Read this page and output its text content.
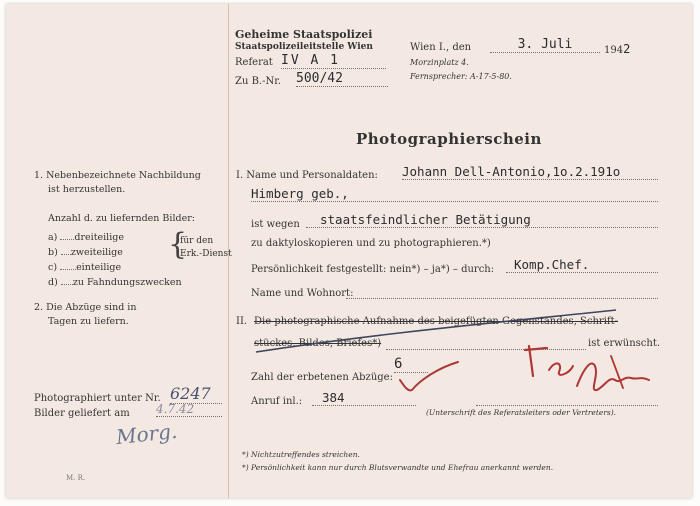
Geheime Staatspolizei
Staatspolizeileitstelle Wien
Referat IV A 1
Zu B.-Nr. 500/42
Wien I., den	3. Juli	1942
Morzinplatz 4.
Fernsprecher: A-17-5-80.
Photographierschein
1. Nebenbezeichnete Nachbildung
ist herzustellen.
Anzahl d. zu liefernden Bilder:
a) dreiteilige
b) zweiteilige
c) einteilige
d) zu Fahndungszwecken
{
für den
Erk.-Dienst
2. Die Abzüge sind in
Tagen zu liefern.
Photographiert unter Nr. 6247
Bilder geliefert am 4.7.42
Morg.
M. R.
I. Name und Personaldaten: Johann Dell-Antonio,1o.2.191o
Himberg geb.,
ist wegen	staatsfeindlicher Betätigung
zu daktyloskopieren und zu photographieren.*)
Persönlichkeit festgestellt: nein*) – ja*) – durch:	Komp.Chef.
Name und Wohnort:
II. Die photographische Aufnahme des beigefügten Gegenstandes, Schrift-
stückes, Bildes, Briefes*)	ist erwünscht.
Zahl der erbetenen Abzüge:
6
Anruf inl.:	384
(Unterschrift des Referatsleiters oder Vertreters).
*) Nichtzutreffendes streichen.
*) Persönlichkeit kann nur durch Blutsverwandte und Ehefrau anerkannt werden.
